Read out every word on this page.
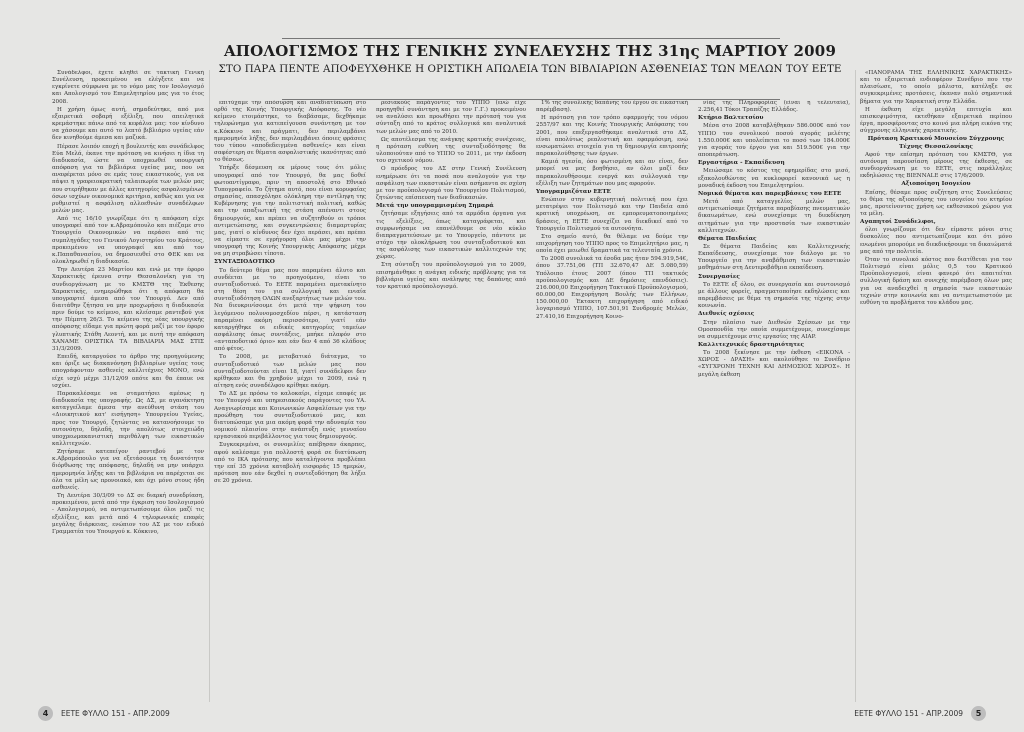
ΑΠΟΛΟΓΙΣΜΟΣ ΤΗΣ ΓΕΝΙΚΗΣ ΣΥΝΕΛΕΥΣΗΣ ΤΗΣ 31ης ΜΑΡΤΙΟΥ 2009
ΣΤΟ ΠΑΡΑ ΠΕΝΤΕ ΑΠΟΦΕΥΧΘΗΚΕ Η ΟΡΙΣΤΙΚΗ ΑΠΩΛΕΙΑ ΤΩΝ ΒΙΒΛΙΑΡΙΩΝ ΑΣΘΕΝΕΙΑΣ ΤΩΝ ΜΕΛΩΝ ΤΟΥ ΕΕΤΕ

Συνάδελφοι, έχετε κληθεί σε τακτική Γενική Συνέλευση, προκειμένου να ελέγξετε και να εγκρίνετε σύμφωνα με το νόμο μας τον Ισολογισμό και Απολογισμό του Επιμελητηρίου μας για το έτος 2008.

Η χρήση όμως αυτή, σημαδεύτηκε, από μια εξαιρετικά σοβαρή εξέλιξη, που απειλητικά κρεμάστηκε πάνω από τα κεφάλια μας: τον κίνδυνο να χάσουμε και αυτό το λεπτό βιβλιάριο υγείας εάν δεν κινηθούμε άμεσα και μαζικά.

Πέρασε λοιπόν εποχή η βουλευτής και συνάδελφος Εύα Μελά, έκανε την πρόταση να κινήσει η ίδια τη διαδικασία, ώστε να υποχρεωθεί υπουργική απόφαση για τα βιβλιάρια υγείας μας, που να αναφέρεται μόνο σε εμάς τους εικαστικούς, για να πάψει η γραφειοκρατική ταλαιπωρία των μελών μας που στερήθηκαν με άλλες κατηγορίες ασφαλισμένων όσων ισχύων οικονομικά κριτήρια, καθώς και για να ρυθμιστεί η ασφάλιση αλλοεθνών συναδέλφων μελών μας.

Από τις 16/10 γνωρίζαμε ότι η απόφαση είχε υπογραφεί από τον κ.Αβραμόπουλο και πιέζαμε στο Υπουργείο Οικονομικών να περάσει από τις συμπληγάδες του Γενικού Λογιστηρίου του Κράτους, προκειμένου να υπογραφεί και από τον κ.Παπαθανασίου, να δημοσιευθεί στο ΦΕΚ και να ολοκληρωθεί η διαδικασία.

Την Δευτέρα 23 Μαρτίου και ενώ με την έφορο Χαρακτικής έρευνα στην Θεσσαλονίκη για τη συνδιοργάνωση με το ΚΜΣΤΘ της Έκθεσης Χαρακτικής, ενημερώθηκα ότι η απόφαση θα υπογραφτεί άμεσα από τον Υπουργό. Δεν από διαιτάθην ζήτησα να μην προχωρήσει η διαδικασία πριν δούμε το κείμενο, και κλείσαμε ραντεβού για την Πέμπτη 26/3. Το κείμενο της νέας υπουργικής απόφασης είδαμε για πρώτη φορά μαζί με τον έφορο γλυπτικής Στάθη Λεοντή, και με αυτή την απόφαση ΧΑΝΑΜΕ ΟΡΙΣΤΙΚΑ ΤΑ ΒΙΒΛΙΑΡΙΑ ΜΑΣ ΣΤΙΣ 31/3/2009.

Επειδή, καταργούσε το άρθρο της προηγούμενης και όριζε ως διακανόνηση βιβλιαρίων υγείας τους απογράφονταν ασθενείς καλλιτέχνες ΜΟΝΟ, ενώ είχε ισχύ μέχρι 31/12/09 οπότε και θα έπαυε να ισχύει.

Παρακαλέσαμε να σταματήσει αμέσως η διαδικασία της υπογραφής. Ως ΔΣ, με αγανάκτηση καταγγείλαμε άμεσα την ανεύθυνη στάση του «Διοικητικού κατ' εισήγηση» Υπουργείου Υγείας, προς τον Υπουργό, ζητώντας να κατανοήσουμε το αυτονόητο, δηλαδή, την απολύτως στοιχειώδη υποχρεωμακανιστική περιθάλψη των εικαστικών καλλιτεχνών.

Ζητήσαμε κατεπείγον ραντεβού με τον κ.Αβραμόπουλο για να εξετάσουμε τη δυνατότητα διόρθωσης της απόφασης, δηλαδή να μην υπάρχει ημερομηνία λήξης και τα βιβλιάρια να παρέχεται σε όλα τα μέλη ως προνοιακό, και όχι μόνο στους ήδη ασθενείς.

Τη Δευτέρα 30/3/09 το ΔΣ σε διαρκή συνεδρίαση, προκειμένου, μετά από την έγκριση του Ισολογισμού - Απολογισμού, να αντιμετωπίσουμε όλοι μαζί τις εξελίξεις, και μετά από 4 τηλεφωνικές επαφές μεγάλης διάρκειας, ενώπιον του ΔΣ με τον ειδικό Γραμματέα του Υπουργού κ. Κόκκινο,

επιτύχαμε την απόσυρση και αναδιατύπωση στο ορθό της Κοινής Υπουργικής Απόφασης. Το νέο κείμενο ετοιμάστηκε, το διαβάσαμε, δεχθήκαμε τηλεφώνημα για κατεπείγουσα συνάντηση με τον κ.Κόκκινο και πράγματι, δεν περιλαμβάνει ημερομηνία λήξης, δεν περιλαμβάνει όποιες φράσεις του τύπου «αποδεδειγμένα ασθενείς» και είναι σαφέστερη σε θέματα ασφαλιστικής ικανότητας από το θέσεως.

Υπήρξε δέσμευση εκ μέρους τους ότι μόλις υπογραφεί από τον Υπουργό, θα μας δοθεί φωτοαντίγραφο, πριν τη αποστολή στο Εθνικό Τυπογραφείο. Το ζήτημα αυτό, που είναι κορυφαίας σημασίας, απασχόλησε ολόκληρη την αντίληψη της Κυβέρνησης για την πολιτιστική πολιτική, καθώς και την απαξιωτική της στάση απέναντι στους δημιουργούς, και πρέπει να συζητηθούν οι τρόποι αντιμετώπισης, και συγκεντρώσεις διαμαρτυρίας μας, γιατί ο κίνδυνος δεν έχει περάσει, και πρέπει να είμαστε σε εγρήγορση όλοι μας μέχρι την υπογραφή της Κοινής Υπουργικής Απόφασης μέχρι να μη στραβώσει τίποτα.

ΣΥΝΤΑΞΙΟΔΟΤΙΚΟ

Το δεύτερο θέμα μας που παραμένει άλυτο και συνδέεται με το προηγούμενο, είναι το συνταξιοδοτικό. Το ΕΕΤΕ παραμένει αμετακίνητο στη θέση του για συλλογική και ενιαία συνταξιοδότηση ΟΛΩΝ ανεξαρτήτως των μελών του. Να διευκρινίσουμε ότι μετά την ψήφιση του λεγόμενου πολυνομοσχεδίου πέρσι, η κατάσταση παραμένει ακόμη περισσότερο, γιατί εάν καταργήθηκε οι ειδικές κατηγορίες ταμείων ασφάλισης όπως συντάξεις, μπήκε πλαφόν στο «ανταποδοτικό όριο» και εάν δεν 4 από 36 κλάδους από φέτος.

Το 2008, με μεταβατικό διάταγμα, το συνταξιοδοτικό των μελών μας που συνταξιοδοτούνται είναι 18, γιατί συνάδελφοι δεν κρίθηκαν και θα χρηβούν μέχρι το 2009, ενώ η αίτηση ενός συναδέλφου κρίθηκε ακόμη.

Το ΔΣ με πρόσω το καλοκαίρι, είχαμε επαφές με τον Υπουργό και υπηρεσιακούς παράγοντες του ΥΑ. Αναγνωρίσαμε και Κοινωνικών Ασφαλίσεων για την προώθηση του συνταξιοδοτικού μας, και διατυπώσαμε για μια ακόμη φορά την αδυναμία του νομικού πλαισίου στην ανάπτυξη ενός γενναίου εργασιακού περιβάλλοντος για τους δημιουργούς.

Συγκεκριμένα, οι συνομιλίες απέβησαν άκαρπες, αφού καλέσαμε για πολλοστή φορά σε διατύπωση από το ΙΚΑ πρότασης που καταλήγοντα προβλέπει την επί 35 χρόνια καταβολή εισφοράς 15 ημερών, πρόταση που εάν δεχθεί η συντεξοδότηση θα λήξει σε 20 χρόνια.

ρεσιακούς παράγοντες του ΥΠΠΟ (ενώ είχε προηγηθεί συνάντηση και με τον Γ.Γ.) προκειμένου να αναλύσει και προωθήσει την πρότασή του για σύνταξη από το κράτος συλλογικά και αναλυτικά των μελών μας από το 2010.

Ως αποτέλεσμα της ανάγκης κρατικής συνέχειας, η πρόταση ευθύνη της συνταξιοδότησης θα υλοποιούταν από το ΥΠΠΟ το 2011, με την έκδοση του σχετικού νόμου.

Ο πρόεδρος του ΔΣ στην Γενική Συνέλευση ενημέρωσε ότι τα ποσά που αναλογούν για την ασφάλιση των εικαστικών είναι ασήμαντα σε σχέση με τον προϋπολογισμό του Υπουργείου Πολιτισμού, ζητώντας επίσπευση των διαδικασιών.

Μετά την υπογραμμισμένη Σημαρά

ζητήσαμε εξηγήσεις από τα αρμόδια όργανα για τις εξελίξεις, όπως καταγράφεται, και συμφωνήσαμε να επανέλθουμε σε νέο κύκλο διαπραγματεύσεων με το Υπουργείο, πάντοτε με στόχο την ολοκλήρωση του συνταξιοδοτικού και της ασφάλισης των εικαστικών καλλιτεχνών της χώρας.

Στη σύνταξη του προϋπολογισμού για το 2009, επισημάνθηκε η ανάγκη ειδικής πρόβλεψης για τα βιβλιάρια υγείας και ανάληψης της δαπάνης από τον κρατικό προϋπολογισμό.

1% της συνολικής δαπάνης του έργου σε εικαστική παρέμβαση).

Η πρόταση για τον τρόπο εφαρμογής του νόμου 2557/97 και της Κοινής Υπουργικής Απόφασης του 2001, που επεξεργασθήκαμε αναλυτικά στο ΔΣ, είναι απολύτως ρεαλιστική και εφαρμόσιμη, ενώ ενσωματώνει στοιχεία για τη δημιουργία επιτροπής παρακολούθησης των έργων.

Καμιά ηγεσία, όσο φωτισμένη και αν είναι, δεν μπορεί να μας βοηθήσει, αν όλοι μαζί δεν παρακολουθήσουμε ενεργά και συλλογικά την εξέλιξη των ζητημάτων που μας αφορούν.

Υπογραμμιζόταν ΕΕΤΕ

Ενώπιον στην κυβερνητική πολιτική που έχει μετατρέψει τον Πολιτισμό και την Παιδεία από κρατική υποχρέωση, σε εμπορευματοποιημένες δράσεις, η ΕΕΤΕ συνεχίζει να διεκδικεί από το Υπουργείο Πολιτισμού τα αυτονόητα.

Στο σημείο αυτό, θα θέλαμε να δούμε την επιχορήγηση του ΥΠΠΟ προς το Επιμελητήριο μας, η οποία έχει μειωθεί δραματικά τα τελευταία χρόνια.

Το 2008 συνολικά τα έσοδα μας ήταν 594.919,54€, όπου 37.751,06 (ΤΠ 32.670,47 ΔΕ 5.080,59) Υπόλοιπο έτους 2007 (όπου ΤΠ τακτικός προϋπολογισμός και ΔΕ δημόσιες επενδύσεις). 216.000,00 Επιχορήγηση Τακτικού Προϋπολογισμού, 60.000,00 Επιχορήγηση Βουλής των Ελλήνων, 150.000,00 Έκτακτη επιχορήγηση από ειδικό λογαριασμό ΥΠΠΟ, 107.501,91 Συνδρομές Μελών, 27.410,16 Επιχορήγηση Κοινο-

νίας της Πληροφορίας (είναι η τελευταία), 2.256,41 Τόκοι Τραπέζης Ελλάδος.

Κτήριο Βαλτετσίου

Μέσα στο 2008 καταβλήθηκαν 586.000€ από τον ΥΠΠΟ του συνολικού ποσού αγοράς μελέτης 1.550.000€ και υπολείπεται το ποσό των 184.000€ για αγοράς του έργου για και 519.500€ για την αποπεράτωση.

Εργαστήρια - Εκπαίδευση

Μειώσαμε το κόστος της εφημερίδας στο μισό, εξακολουθώντας να κυκλοφορεί κανονικά ως η μοναδική έκδοση του Επιμελητηρίου.

Νομικά θέματα και παρεμβάσεις του ΕΕΤΕ

Μετά από καταγγελίες μελών μας, αντιμετωπίσαμε ζητήματα παραβίασης πνευματικών δικαιωμάτων, ενώ συνεχίσαμε τη διεκδίκηση αιτημάτων για την προστασία των εικαστικών καλλιτεχνών.

Θέματα Παιδείας

Σε θέματα Παιδείας και Καλλιτεχνικής Εκπαίδευσης, συνεχίσαμε τον διάλογο με το Υπουργείο για την αναβάθμιση των εικαστικών μαθημάτων στη Δευτεροβάθμια εκπαίδευση.

Συνεργασίες

Το ΕΕΤΕ εξ όλου, σε συνεργασία και συντονισμό με άλλους φορείς, πραγματοποίησε εκδηλώσεις και παρεμβάσεις με θέμα τη σημασία της τέχνης στην κοινωνία.

Διεθνείς σχέσεις

Στην πλαίσιο των Διεθνών Σχέσεων με την Ομοσπονδία την οποία συμμετέχουμε, συνεχίσαμε να συμμετέχουμε στις εργασίες της AIAP.

Καλλιτεχνικές δραστηριότητες

Το 2008 ξεκίνησε με την έκθεση «ΕΙΚΟΝΑ - ΧΩΡΟΣ - ΔΡΑΣΗ» και ακολούθησε το Συνέδριο «ΣΥΓΧΡΟΝΗ ΤΕΧΝΗ ΚΑΙ ΔΗΜΟΣΙΟΣ ΧΩΡΟΣ». Η μεγάλη έκθεση

«ΠΑΝΟΡΑΜΑ ΤΗΣ ΕΛΛΗΝΙΚΗΣ ΧΑΡΑΚΤΙΚΗΣ» και το εξαιρετικά ενδιαφέρον Συνέδριο που την πλαισίωσε, το οποίο μάλιστα, κατέληξε σε συγκεκριμένες προτάσεις, έκαναν πολύ σημαντικά βήματα για την Χαρακτική στην Ελλάδα.

Η έκθεση είχε μεγάλη επιτυχία και επισκεψιμότητα, εκτεθήκαν εξαιρετικά περίπου έργα, προσφέροντας στο κοινό μια πλήρη εικόνα της σύγχρονης ελληνικής χαρακτικής.

Πρόταση Κρατικού Μουσείου Σύγχρονης Τέχνης Θεσσαλονίκης

Αφού την επίσημη πρόταση του ΚΜΣΤΘ, για αυτόνομη παρουσίαση μέρους της έκθεσης, σε συνδιοργάνωση με το ΕΕΤΕ, στις παράλληλες εκδηλώσεις της BIENNALE στις 17/6/2009.

Αξιοποίηση Ισογείου

Επίσης, θέσαμε προς συζήτηση στις Συνελεύσεις το θέμα της αξιοποίησης του ισογείου του κτηρίου μας, προτείνοντας χρήση ως εκθεσιακού χώρου για τα μέλη.

Αγαπητοί Συνάδελφοι,

όλοι γνωρίζουμε ότι δεν είμαστε μόνοι στις δυσκολίες που αντιμετωπίζουμε και ότι μόνο ενωμένοι μπορούμε να διεκδικήσουμε τα δικαιώματά μας από την πολιτεία.

Όταν το συνολικό κόστος που διατίθεται για τον Πολιτισμό είναι μόλις 0,5 του Κρατικού Προϋπολογισμού, είναι φανερό ότι απαιτείται συλλογική δράση και συνεχής παρέμβαση όλων μας για να αναδειχθεί η σημασία των εικαστικών τεχνών στην κοινωνία και να αντιμετωπιστούν με ευθύνη τα προβλήματα του κλάδου μας.

4	ΕΕΤΕ ΦΥΛΛΟ 151 - ΑΠΡ.2009	ΕΕΤΕ ΦΥΛΛΟ 151 - ΑΠΡ.2009	5
